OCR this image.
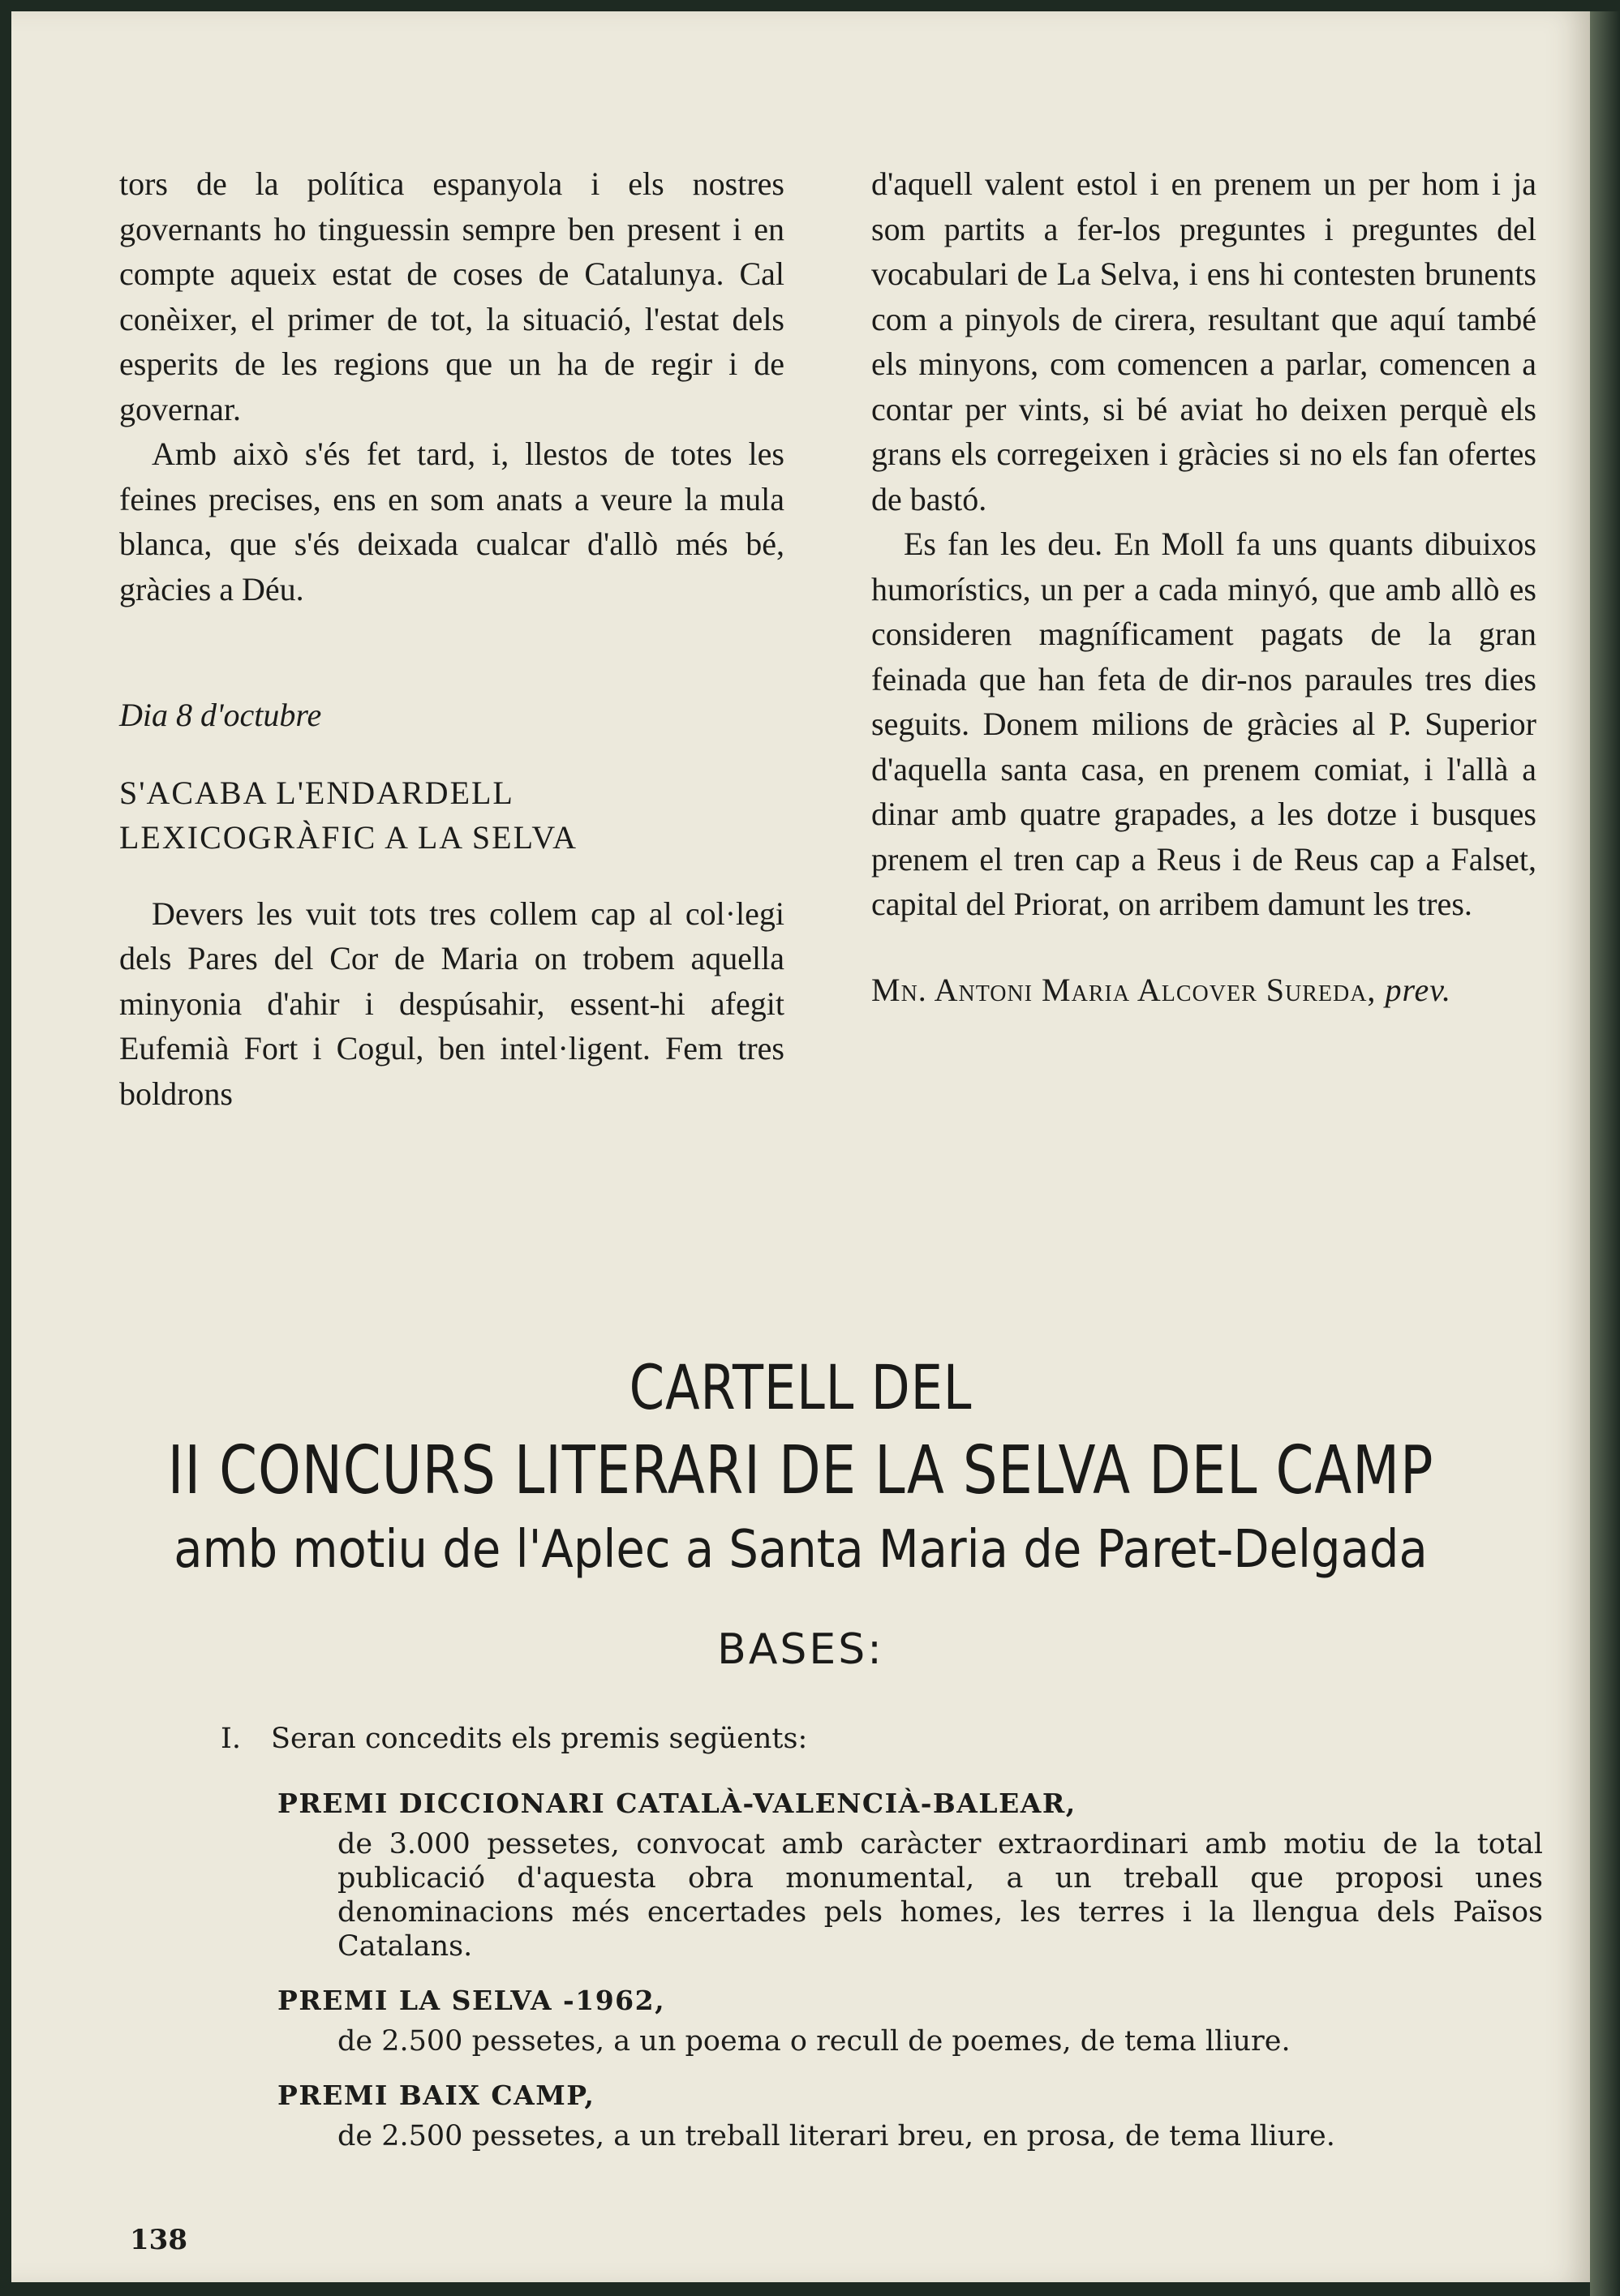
tors de la política espanyola i els nostres governants ho tinguessin sempre ben present i en compte aqueix estat de coses de Catalunya. Cal conèixer, el primer de tot, la situació, l'estat dels esperits de les regions que un ha de regir i de governar.

Amb això s'és fet tard, i, llestos de totes les feines precises, ens en som anats a veure la mula blanca, que s'és deixada cualcar d'allò més bé, gràcies a Déu.

Dia 8 d'octubre

S'ACABA L'ENDARDELL LEXICOGRÀFIC A LA SELVA

Devers les vuit tots tres collem cap al col·legi dels Pares del Cor de Maria on trobem aquella minyonia d'ahir i despúsahir, essent-hi afegit Eufemià Fort i Cogul, ben intel·ligent. Fem tres boldrons

d'aquell valent estol i en prenem un per hom i ja som partits a fer-los preguntes i preguntes del vocabulari de La Selva, i ens hi contesten brunents com a pinyols de cirera, resultant que aquí també els minyons, com comencen a parlar, comencen a contar per vints, si bé aviat ho deixen perquè els grans els corregeixen i gràcies si no els fan ofertes de bastó.

Es fan les deu. En Moll fa uns quants dibuixos humorístics, un per a cada minyó, que amb allò es consideren magníficament pagats de la gran feinada que han feta de dir-nos paraules tres dies seguits. Donem milions de gràcies al P. Superior d'aquella santa casa, en prenem comiat, i l'allà a dinar amb quatre grapades, a les dotze i busques prenem el tren cap a Reus i de Reus cap a Falset, capital del Priorat, on arribem damunt les tres.

Mn. Antoni Maria Alcover Sureda, prev.

CARTELL DEL
II CONCURS LITERARI DE LA SELVA DEL CAMP
amb motiu de l'Aplec a Santa Maria de Paret-Delgada
BASES:

I. Seran concedits els premis següents:

PREMI DICCIONARI CATALÀ-VALENCIÀ-BALEAR,
de 3.000 pessetes, convocat amb caràcter extraordinari amb motiu de la total publicació d'aquesta obra monumental, a un treball que proposi unes denominacions més encertades pels homes, les terres i la llengua dels Països Catalans.
PREMI LA SELVA -1962,
de 2.500 pessetes, a un poema o recull de poemes, de tema lliure.
PREMI BAIX CAMP,
de 2.500 pessetes, a un treball literari breu, en prosa, de tema lliure.
138
